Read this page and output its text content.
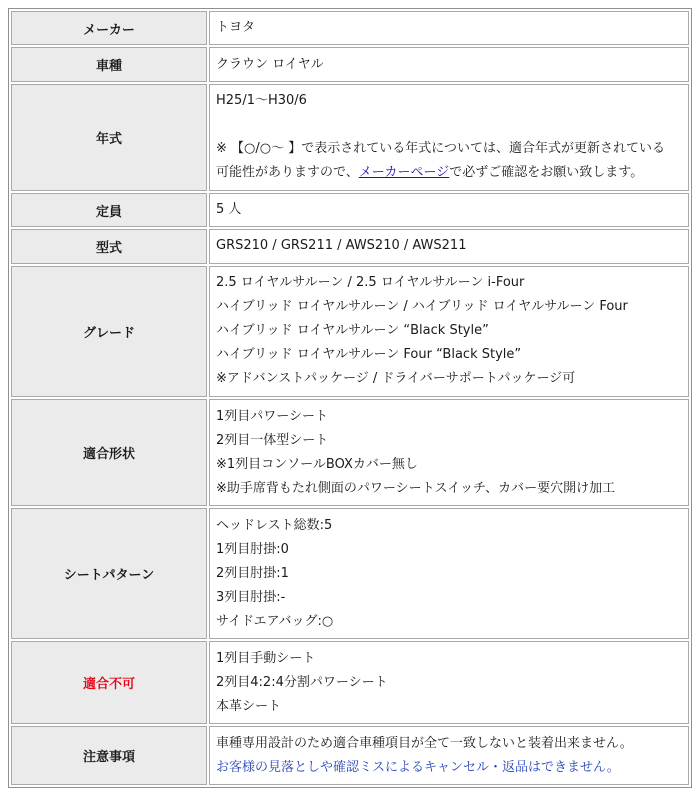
メーカー	トヨタ
車種	クラウン ロイヤル
年式	H25/1～H30/6
※ 【○/○～ 】で表示されている年式については、適合年式が更新されている
可能性がありますので、メーカーページで必ずご確認をお願い致します。

定員	5 人
型式	GRS210 / GRS211 / AWS210 / AWS211
グレード	2.5 ロイヤルサルーン / 2.5 ロイヤルサルーン i-Four
ハイブリッド ロイヤルサルーン / ハイブリッド ロイヤルサルーン Four
ハイブリッド ロイヤルサルーン “Black Style”
ハイブリッド ロイヤルサルーン Four “Black Style”
※アドバンストパッケージ / ドライバーサポートパッケージ可

適合形状	1列目パワーシート
2列目一体型シート
※1列目コンソールBOXカバー無し
※助手席背もたれ側面のパワーシートスイッチ、カバー要穴開け加工

シートパターン	ヘッドレスト総数:5
1列目肘掛:0
2列目肘掛:1
3列目肘掛:-
サイドエアバッグ:○

適合不可	1列目手動シート
2列目4:2:4分割パワーシート
本革シート

注意事項	車種専用設計のため適合車種項目が全て一致しないと装着出来ません。
お客様の見落としや確認ミスによるキャンセル・返品はできません。
